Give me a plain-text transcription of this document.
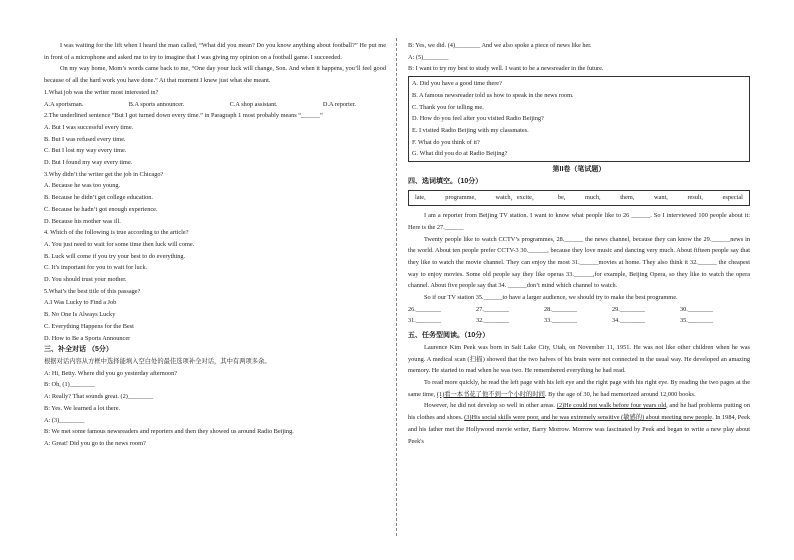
I was waiting for the lift when I heard the man called, “What did you mean? Do you know anything about football?” He put me in front of a microphone and asked me to try to imagine that I was giving my opinion on a football game. I succeeded.

On my way home, Mom’s words came back to me, “One day your luck will change, Son. And when it happens, you’ll feel good because of all the hard work you have done.” At that moment I knew just what she meant.

1.What job was the writer most interested in?

A.A sportsman.	B.A sports announcer.	C.A shop assistant.	D.A reporter.

2.The underlined sentence “But I got turned down every time.” in Paragraph 1 most probably means “______”

A. But I was successful every time.

B. But I was refused every time.

C. But I lost my way every time.

D. But I found my way every time.

3.Why didn’t the writer get the job in Chicago?

A. Because he was too young.

B. Because he didn’t get college education.

C. Because he hadn’t got enough experience.

D. Because his mother was ill.

4. Which of the following is true according to the article?

A. You just need to wait for some time then luck will come.

B. Luck will come if you try your best to do everything.

C. It’s important for you to wait for luck.

D. You should trust your mother.

5.What’s the best title of this passage?

A.I Was Lucky to Find a Job

B. No One Is Always Lucky

C. Everything Happens for the Best

D. How to Be a Sports Announcer

三、补全对话 （5分）

根据对话内容从方框中选择能填入空白处的最佳选项补全对话，其中有两项多余。

A: Hi, Betty. Where did you go yesterday afternoon?

B: Oh, (1)________

A: Really? That sounds great. (2)________

B: Yes. We learned a lot there.

A: (3)________

B: We met some famous newsreaders and reporters and then they showed us around Radio Beijing.

A: Great! Did you go to the news room?

B: Yes, we did. (4)________ And we also spoke a piece of news like her.

A: (5)________

B: I want to try my best to study well. I want to be a newsreader in the future.

A. Did you have a good time there?

B. A famous newsreader told us how to speak in the news room.

C. Thank you for telling me.

D. How do you feel after you visited Radio Beijing?

E. I visited Radio Beijing with my classmates.

F. What do you think of it?

G. What did you do at Radio Beijing?

第II卷（笔试题）

四、选词填空。（10分）

late,	programme,	watch，excite，	be,	much,	them,	want,	result,	especial

I am a reporter from Beijing TV station. I want to know what people like to 26 ______. So I interviewed 100 people about it: Here is the 27.______

Twenty people like to watch CCTV’s programmes, 28.______ the news channel, because they can know the 29.______news in the world. About ten people prefer CCTV-3 30.______, because they love music and dancing very much. About fifteen people say that they like to watch the movie channel. They can enjoy the most 31.______movies at home. They also think it 32.______ the cheapest way to enjoy movies. Some old people say they like operas 33.______,for example, Beijing Opera, so they like to watch the opera channel. About five people say that 34. ______don’t mind which channel to watch.

So if our TV station 35.______to have a larger audience, we should try to make the best programme.

26.________	27.________	28.________	29.________	30.________
31.________	32.________	33.________	34.________	35.________

五、任务型阅读。（10分）

Laurence Kim Peek was born in Salt Lake City, Utah, on November 11, 1951. He was not like other children when he was young. A medical scan (扫描) showed that the two halves of his brain were not connected in the usual way. He developed an amazing memory. He started to read when he was two. He remembered everything he had read.

To read more quickly, he read the left page with his left eye and the right page with his right eye. By reading the two pages at the same time, (1)看一本书花了他不到一个小时的时间. By the age of 30, he had memorized around 12,000 books.

However, he did not develop so well in other areas. (2)He could not walk before four years old, and he had problems putting on his clothes and shoes. (3)His social skills were poor, and he was extremely sensitive (敏感的) about meeting new people. In 1984, Peek and his father met the Hollywood movie writer, Barry Morrow. Morrow was fascinated by Peek and began to write a new play about Peek's
